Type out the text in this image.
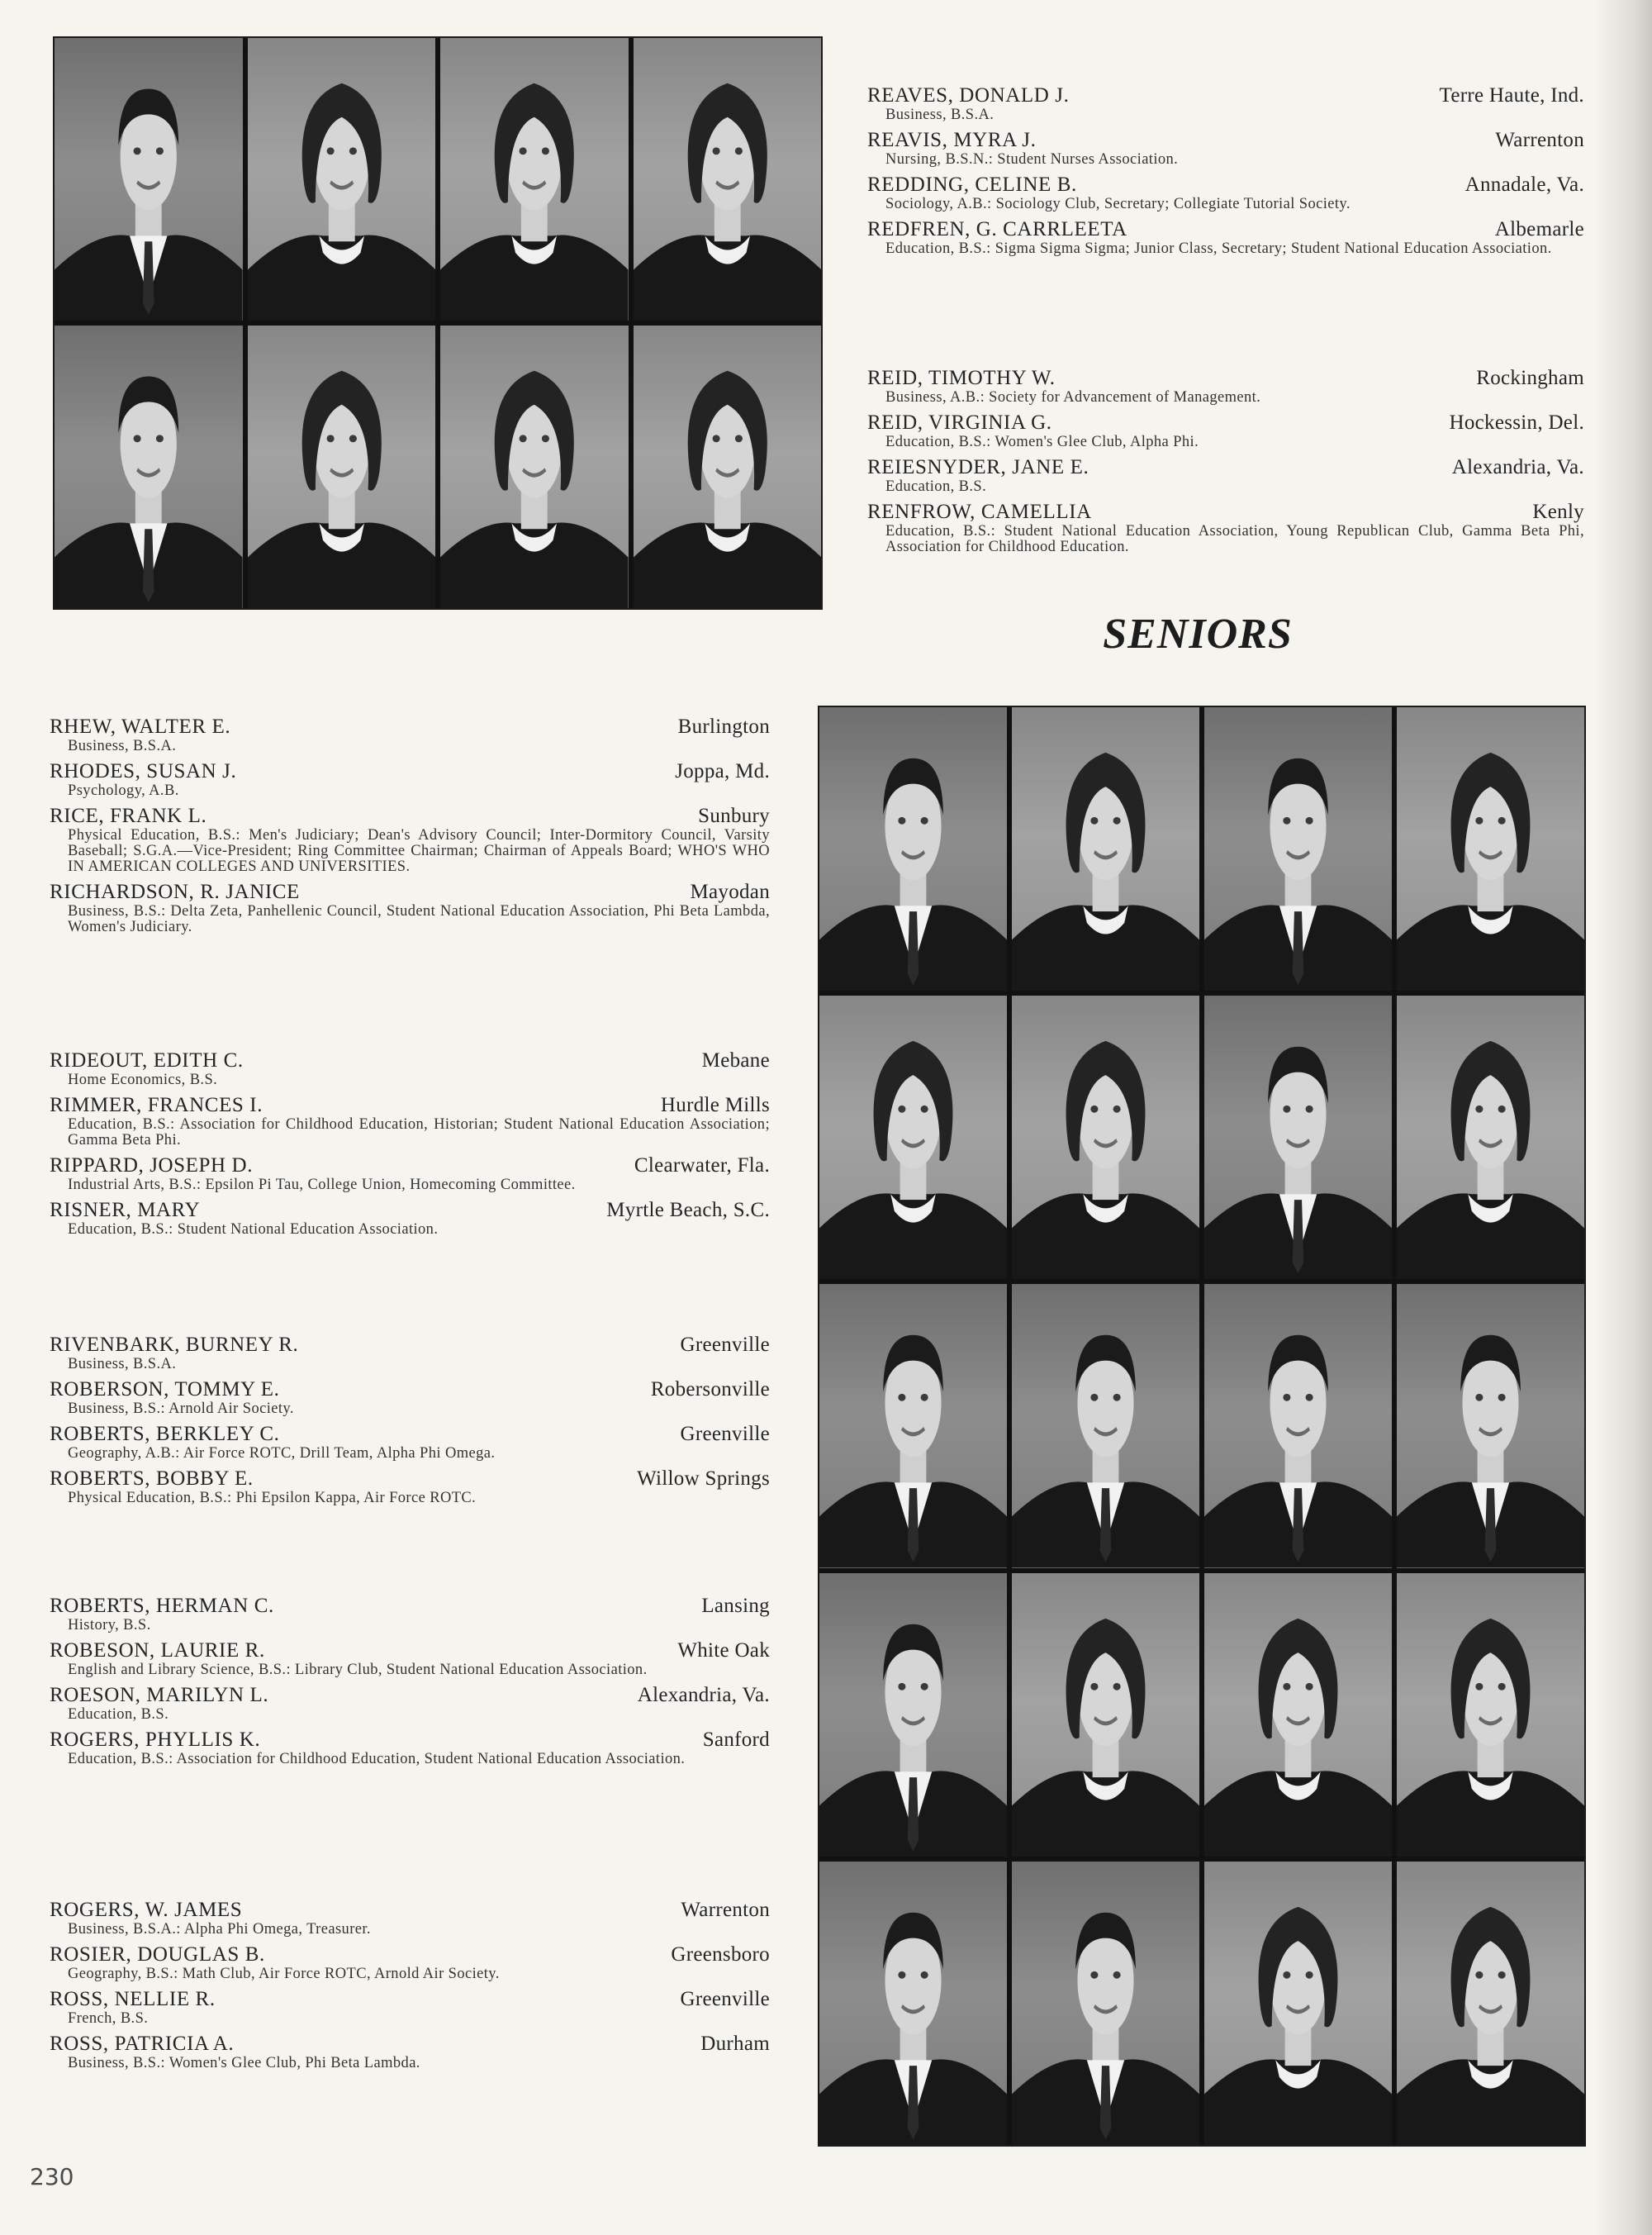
REAVES, DONALD J.	Terre Haute, Ind.
Business, B.S.A.
REAVIS, MYRA J.	Warrenton
Nursing, B.S.N.: Student Nurses Association.
REDDING, CELINE B.	Annadale, Va.
Sociology, A.B.: Sociology Club, Secretary; Collegiate Tutorial Society.
REDFREN, G. CARRLEETA	Albemarle
Education, B.S.: Sigma Sigma Sigma; Junior Class, Secretary; Student National Education Association.
REID, TIMOTHY W.	Rockingham
Business, A.B.: Society for Advancement of Management.
REID, VIRGINIA G.	Hockessin, Del.
Education, B.S.: Women's Glee Club, Alpha Phi.
REIESNYDER, JANE E.	Alexandria, Va.
Education, B.S.
RENFROW, CAMELLIA	Kenly
Education, B.S.: Student National Education Association, Young Republican Club, Gamma Beta Phi, Association for Childhood Education.
SENIORS
RHEW, WALTER E.	Burlington
Business, B.S.A.
RHODES, SUSAN J.	Joppa, Md.
Psychology, A.B.
RICE, FRANK L.	Sunbury
Physical Education, B.S.: Men's Judiciary; Dean's Advisory Council; Inter-Dormitory Council, Varsity Baseball; S.G.A.—Vice-President; Ring Committee Chairman; Chairman of Appeals Board; WHO'S WHO IN AMERICAN COLLEGES AND UNIVERSITIES.
RICHARDSON, R. JANICE	Mayodan
Business, B.S.: Delta Zeta, Panhellenic Council, Student National Education Association, Phi Beta Lambda, Women's Judiciary.
RIDEOUT, EDITH C.	Mebane
Home Economics, B.S.
RIMMER, FRANCES I.	Hurdle Mills
Education, B.S.: Association for Childhood Education, Historian; Student National Education Association; Gamma Beta Phi.
RIPPARD, JOSEPH D.	Clearwater, Fla.
Industrial Arts, B.S.: Epsilon Pi Tau, College Union, Homecoming Committee.
RISNER, MARY	Myrtle Beach, S.C.
Education, B.S.: Student National Education Association.
RIVENBARK, BURNEY R.	Greenville
Business, B.S.A.
ROBERSON, TOMMY E.	Robersonville
Business, B.S.: Arnold Air Society.
ROBERTS, BERKLEY C.	Greenville
Geography, A.B.: Air Force ROTC, Drill Team, Alpha Phi Omega.
ROBERTS, BOBBY E.	Willow Springs
Physical Education, B.S.: Phi Epsilon Kappa, Air Force ROTC.
ROBERTS, HERMAN C.	Lansing
History, B.S.
ROBESON, LAURIE R.	White Oak
English and Library Science, B.S.: Library Club, Student National Education Association.
ROESON, MARILYN L.	Alexandria, Va.
Education, B.S.
ROGERS, PHYLLIS K.	Sanford
Education, B.S.: Association for Childhood Education, Student National Education Association.
ROGERS, W. JAMES	Warrenton
Business, B.S.A.: Alpha Phi Omega, Treasurer.
ROSIER, DOUGLAS B.	Greensboro
Geography, B.S.: Math Club, Air Force ROTC, Arnold Air Society.
ROSS, NELLIE R.	Greenville
French, B.S.
ROSS, PATRICIA A.	Durham
Business, B.S.: Women's Glee Club, Phi Beta Lambda.
230
